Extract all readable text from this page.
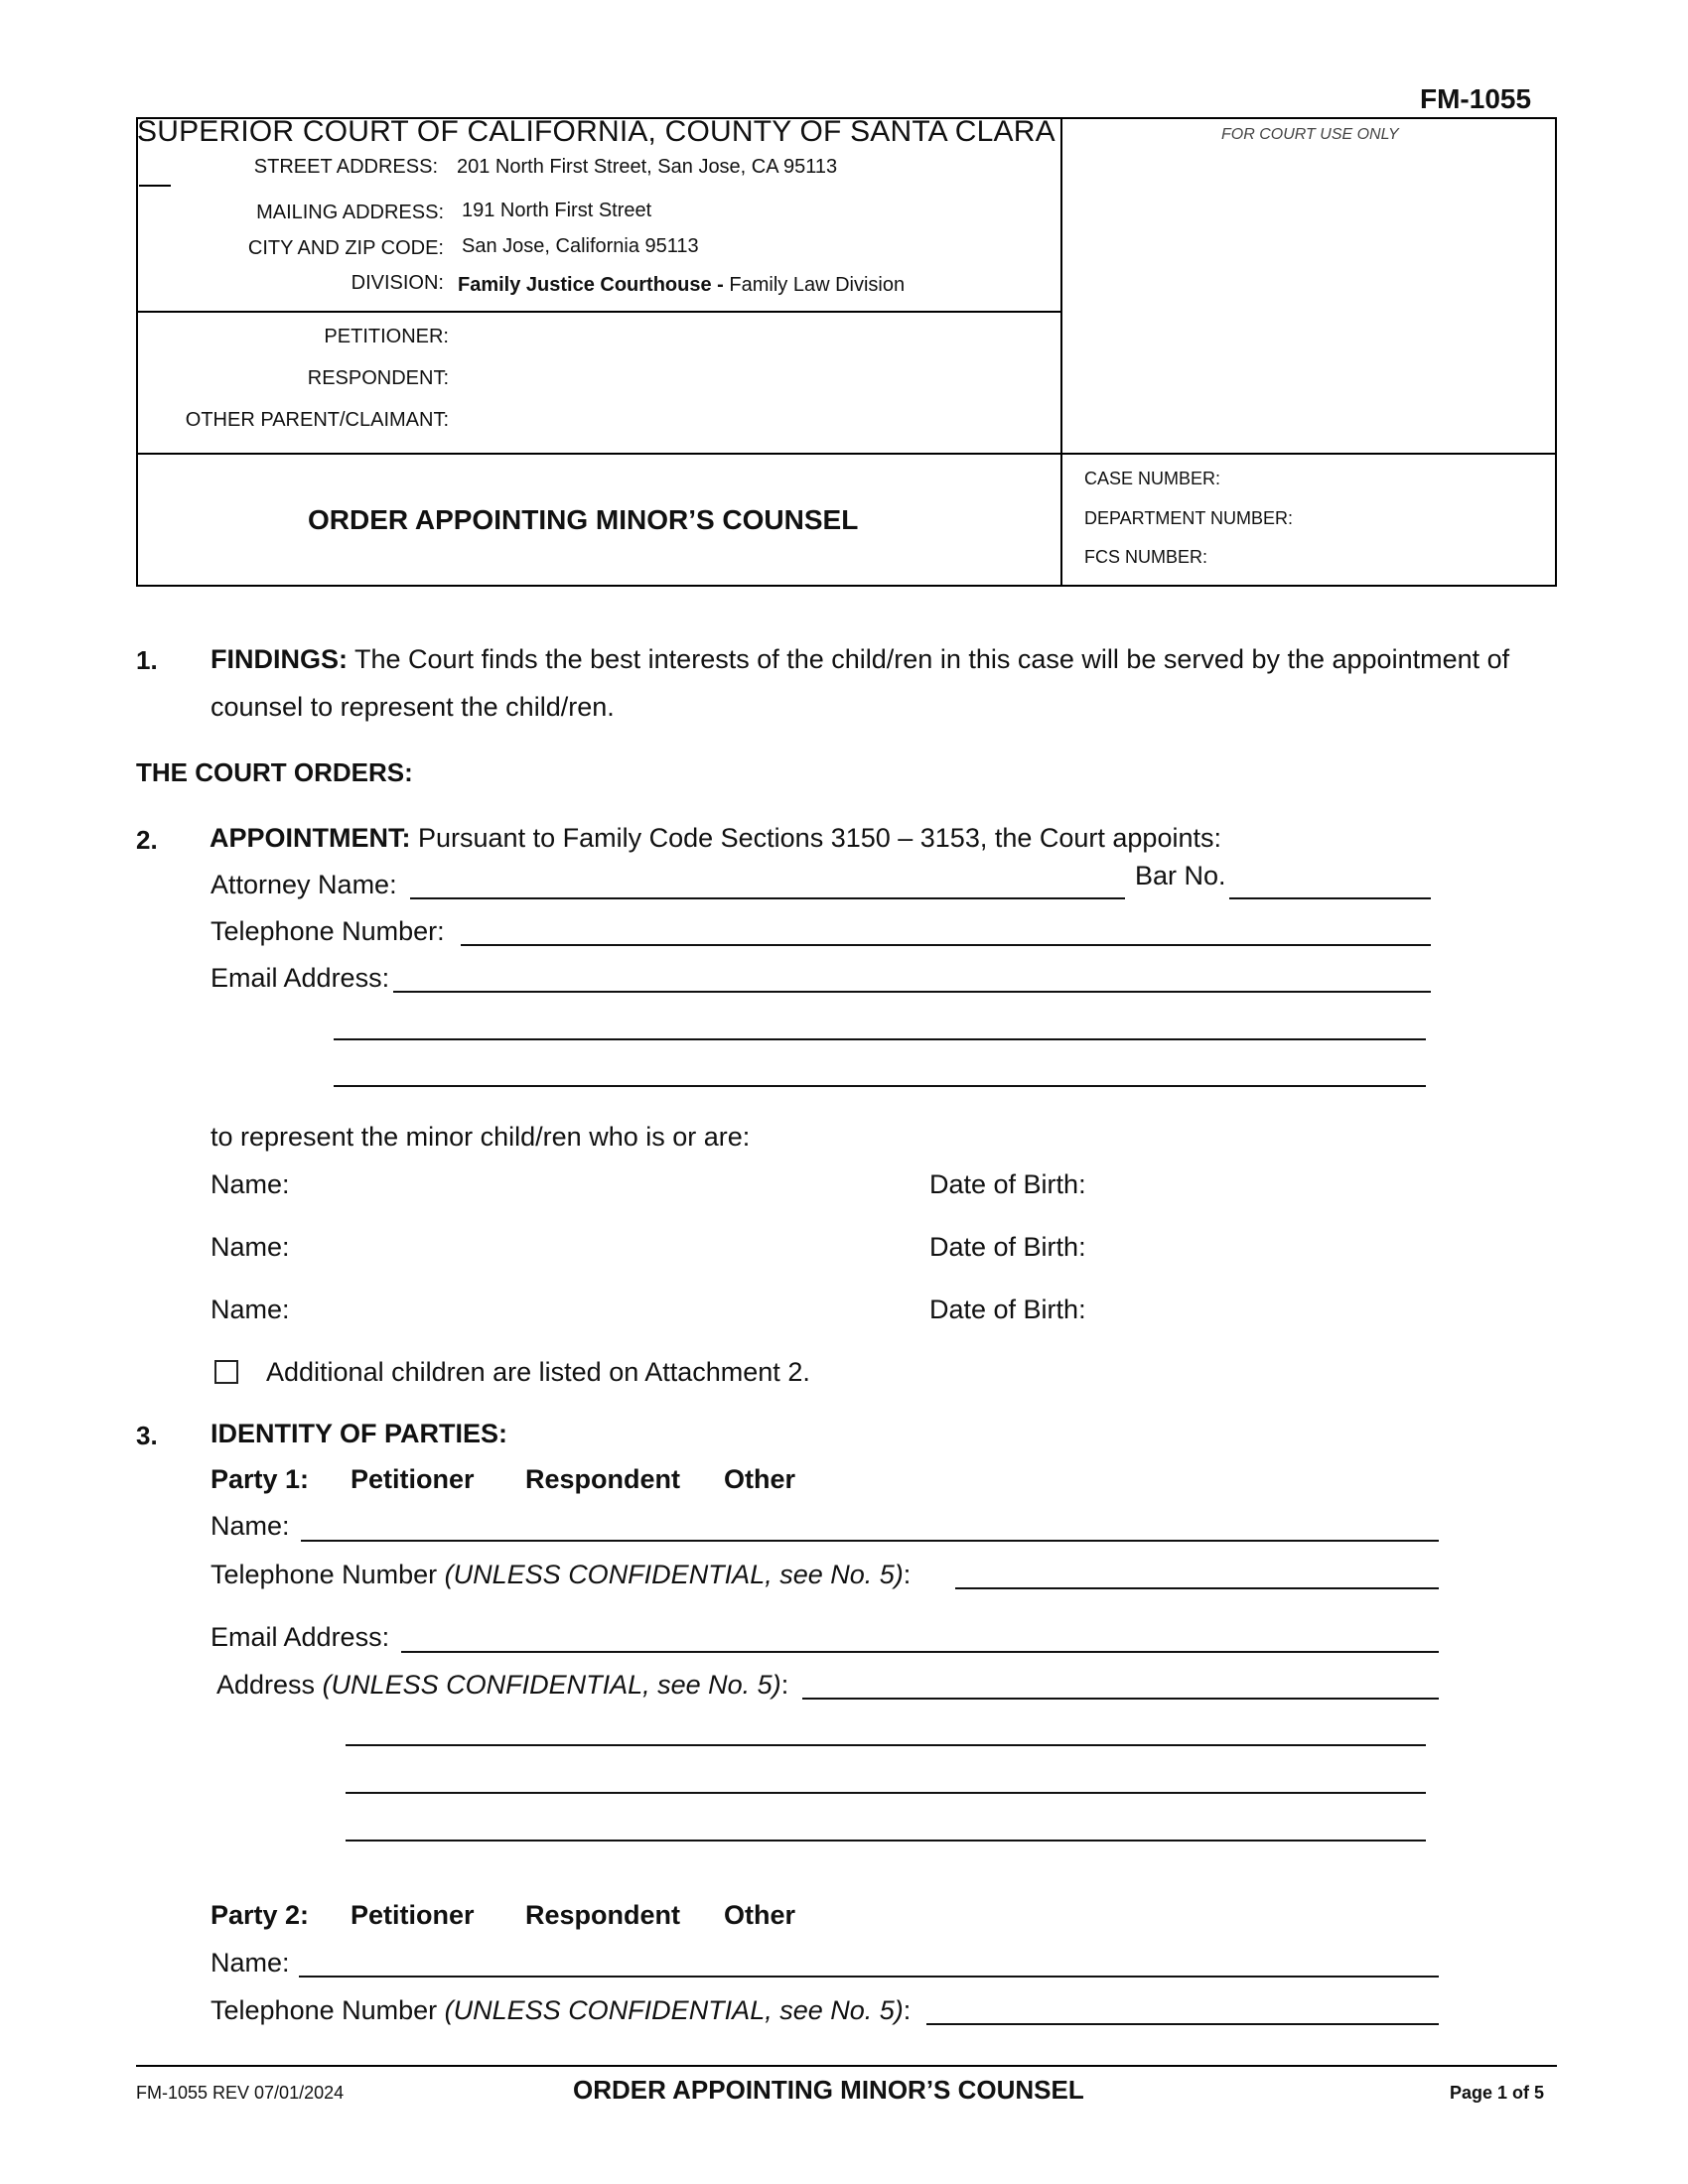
FM-1055
SUPERIOR COURT OF CALIFORNIA, COUNTY OF SANTA CLARA
STREET ADDRESS: 201 North First Street, San Jose, CA 95113
MAILING ADDRESS: 191 North First Street
CITY AND ZIP CODE: San Jose, California 95113
DIVISION: Family Justice Courthouse - Family Law Division
FOR COURT USE ONLY
PETITIONER:
RESPONDENT:
OTHER PARENT/CLAIMANT:
ORDER APPOINTING MINOR’S COUNSEL
CASE NUMBER:
DEPARTMENT NUMBER:
FCS NUMBER:
1. FINDINGS: The Court finds the best interests of the child/ren in this case will be served by the appointment of
counsel to represent the child/ren.
THE COURT ORDERS:
2. APPOINTMENT: Pursuant to Family Code Sections 3150 – 3153, the Court appoints:
Attorney Name:	Bar No.
Telephone Number:
Email Address:
to represent the minor child/ren who is or are:
Name:	Date of Birth:
Name:	Date of Birth:
Name:	Date of Birth:
Additional children are listed on Attachment 2.
3. IDENTITY OF PARTIES:
Party 1: Petitioner Respondent Other
Name:
Telephone Number (UNLESS CONFIDENTIAL, see No. 5):
Email Address:
Address (UNLESS CONFIDENTIAL, see No. 5):
Party 2: Petitioner Respondent Other
Name:
Telephone Number (UNLESS CONFIDENTIAL, see No. 5):
FM-1055 REV 07/01/2024	ORDER APPOINTING MINOR’S COUNSEL	Page 1 of 5
